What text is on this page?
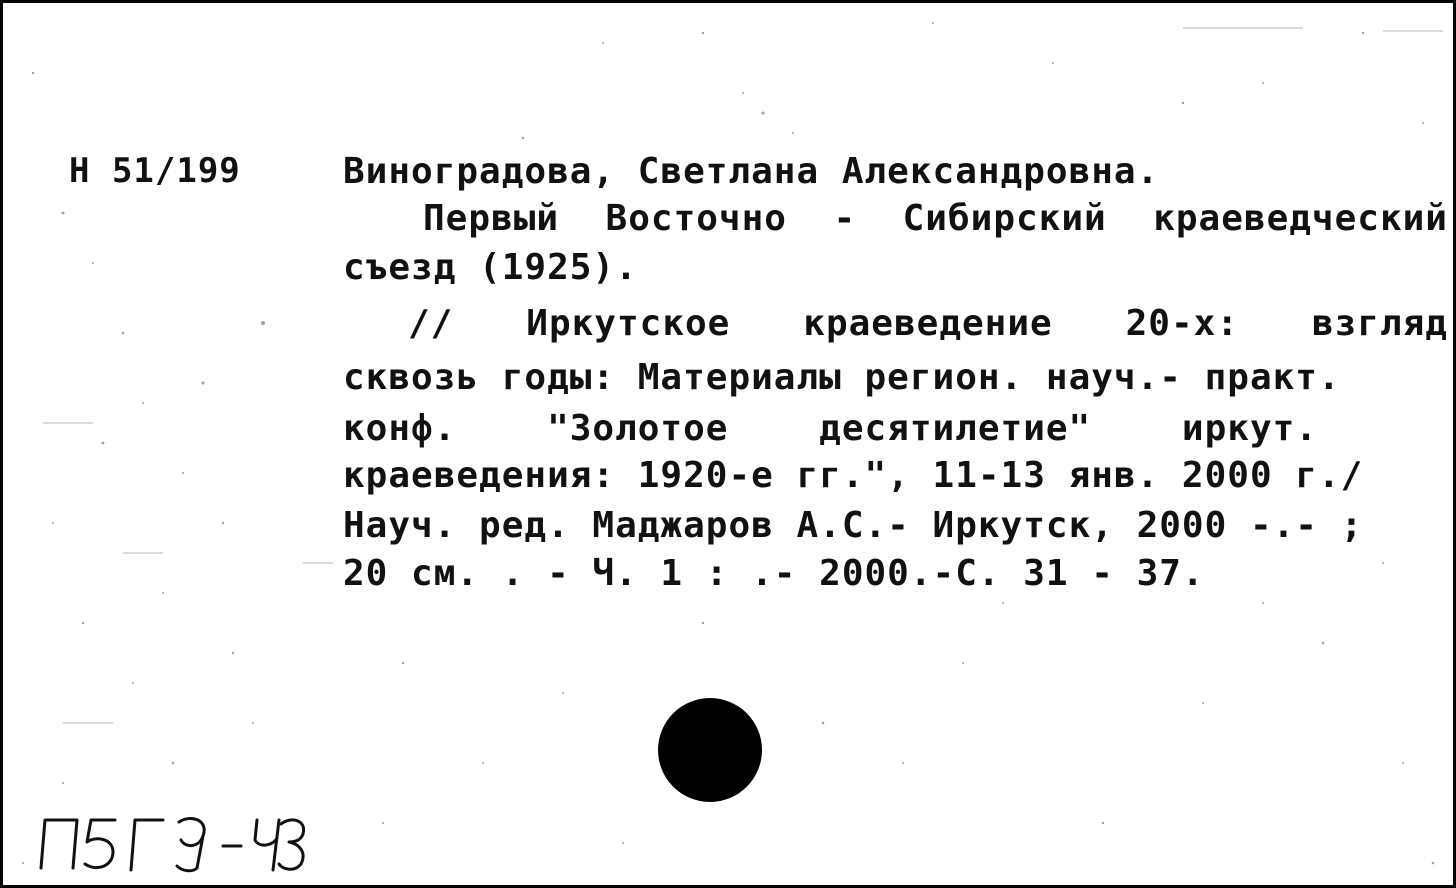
Н 51/199	Виноградова, Светлана Александровна.
Первый Восточно - Сибирский краеведческий
съезд (1925).
// Иркутское краеведение 20-х: взгляд
сквозь годы: Материалы регион. науч.- практ.
конф.	"Золотое	десятилетие"	иркут.
краеведения: 1920-е гг.", 11-13 янв. 2000 г./
Науч. ред. Маджаров А.С.- Иркутск, 2000 -.- ;
20 см. . - Ч. 1 : .- 2000.-С. 31 - 37.
